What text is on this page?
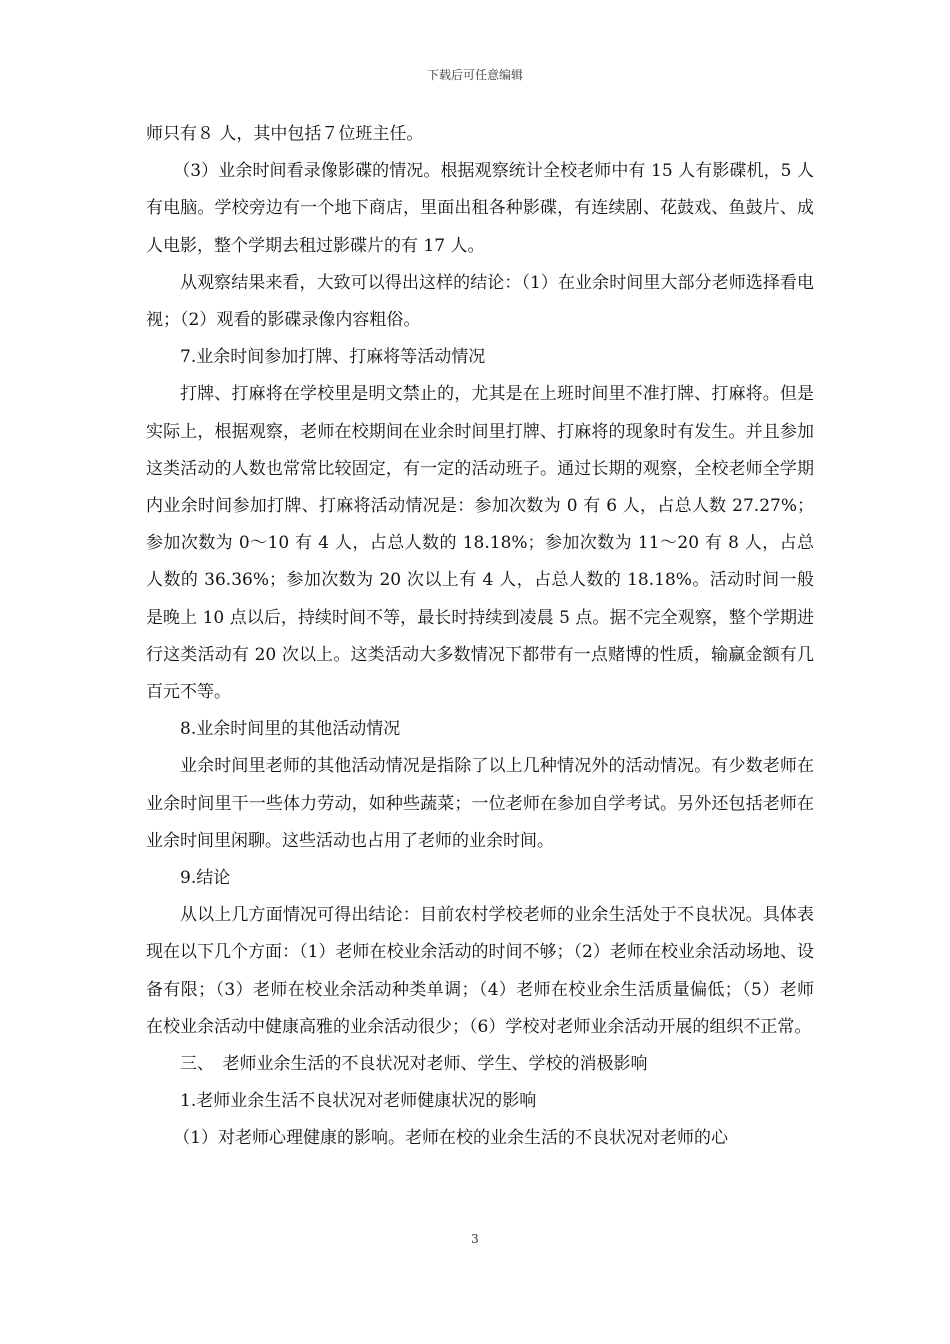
下载后可任意编辑

师只有８ 人，其中包括７位班主任。

（3）业余时间看录像影碟的情况。根据观察统计全校老师中有 15 人有影碟机，5 人有电脑。学校旁边有一个地下商店，里面出租各种影碟，有连续剧、花鼓戏、鱼鼓片、成人电影，整个学期去租过影碟片的有 17 人。

从观察结果来看，大致可以得出这样的结论：（1）在业余时间里大部分老师选择看电视；（2）观看的影碟录像内容粗俗。

7.业余时间参加打牌、打麻将等活动情况

打牌、打麻将在学校里是明文禁止的，尤其是在上班时间里不准打牌、打麻将。但是实际上，根据观察，老师在校期间在业余时间里打牌、打麻将的现象时有发生。并且参加这类活动的人数也常常比较固定，有一定的活动班子。通过长期的观察，全校老师全学期内业余时间参加打牌、打麻将活动情况是：参加次数为 0 有 6 人，占总人数 27.27%；参加次数为 0～10 有 4 人，占总人数的 18.18%；参加次数为 11～20 有 8 人，占总人数的 36.36%；参加次数为 20 次以上有 4 人，占总人数的 18.18%。活动时间一般是晚上 10 点以后，持续时间不等，最长时持续到凌晨 5 点。据不完全观察，整个学期进行这类活动有 20 次以上。这类活动大多数情况下都带有一点赌博的性质，输赢金额有几百元不等。

8.业余时间里的其他活动情况

业余时间里老师的其他活动情况是指除了以上几种情况外的活动情况。有少数老师在业余时间里干一些体力劳动，如种些蔬菜；一位老师在参加自学考试。另外还包括老师在业余时间里闲聊。这些活动也占用了老师的业余时间。

9.结论

从以上几方面情况可得出结论：目前农村学校老师的业余生活处于不良状况。具体表现在以下几个方面：（1）老师在校业余活动的时间不够；（2）老师在校业余活动场地、设备有限；（3）老师在校业余活动种类单调；（4）老师在校业余生活质量偏低；（5）老师在校业余活动中健康高雅的业余活动很少；（6）学校对老师业余活动开展的组织不正常。

三、　老师业余生活的不良状况对老师、学生、学校的消极影响

1.老师业余生活不良状况对老师健康状况的影响

（1）对老师心理健康的影响。老师在校的业余生活的不良状况对老师的心

3
